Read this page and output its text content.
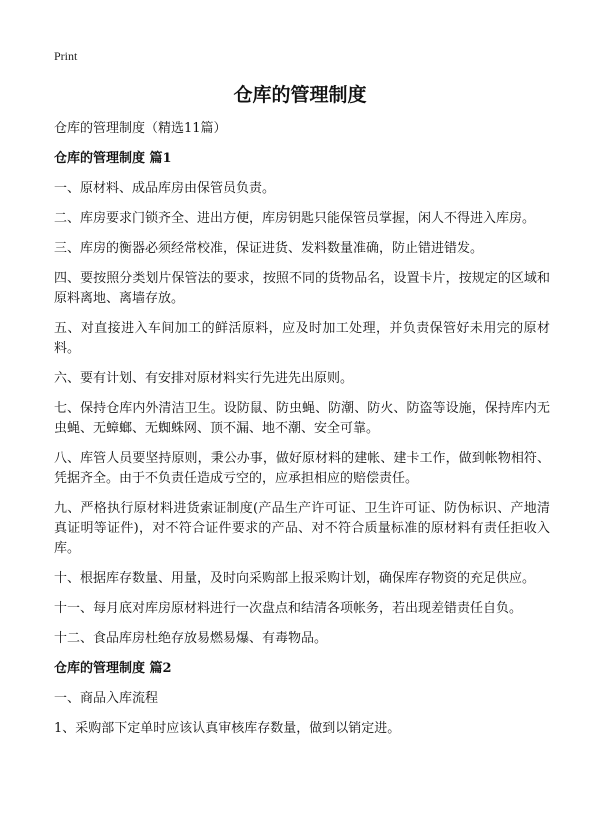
Print
仓库的管理制度

仓库的管理制度（精选11篇）

仓库的管理制度 篇1

一、原材料、成品库房由保管员负责。

二、库房要求门锁齐全、进出方便，库房钥匙只能保管员掌握，闲人不得进入库房。

三、库房的衡器必须经常校准，保证进货、发料数量准确，防止错进错发。

四、要按照分类划片保管法的要求，按照不同的货物品名，设置卡片，按规定的区域和原料离地、离墙存放。

五、对直接进入车间加工的鲜活原料，应及时加工处理，并负责保管好未用完的原材料。

六、要有计划、有安排对原材料实行先进先出原则。

七、保持仓库内外清洁卫生。设防鼠、防虫蝇、防潮、防火、防盗等设施，保持库内无虫蝇、无蟑螂、无蜘蛛网、顶不漏、地不潮、安全可靠。

八、库管人员要坚持原则，秉公办事，做好原材料的建帐、建卡工作，做到帐物相符、凭据齐全。由于不负责任造成亏空的，应承担相应的赔偿责任。

九、严格执行原材料进货索证制度(产品生产许可证、卫生许可证、防伪标识、产地清真证明等证件)，对不符合证件要求的产品、对不符合质量标准的原材料有责任拒收入库。

十、根据库存数量、用量，及时向采购部上报采购计划，确保库存物资的充足供应。

十一、每月底对库房原材料进行一次盘点和结清各项帐务，若出现差错责任自负。

十二、食品库房杜绝存放易燃易爆、有毒物品。

仓库的管理制度 篇2

一、商品入库流程

1、采购部下定单时应该认真审核库存数量，做到以销定进。
